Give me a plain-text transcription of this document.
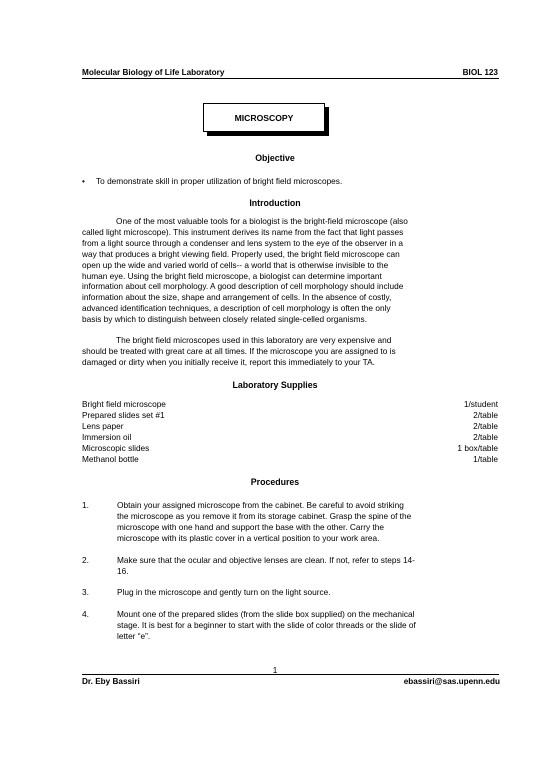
Molecular Biology of Life Laboratory	BIOL 123
MICROSCOPY
Objective
• To demonstrate skill in proper utilization of bright field microscopes.
Introduction
One of the most valuable tools for a biologist is the bright-field microscope (also
called light microscope). This instrument derives its name from the fact that light passes
from a light source through a condenser and lens system to the eye of the observer in a
way that produces a bright viewing field. Properly used, the bright field microscope can
open up the wide and varied world of cells-- a world that is otherwise invisible to the
human eye. Using the bright field microscope, a biologist can determine important
information about cell morphology. A good description of cell morphology should include
information about the size, shape and arrangement of cells. In the absence of costly,
advanced identification techniques, a description of cell morphology is often the only
basis by which to distinguish between closely related single-celled organisms.
The bright field microscopes used in this laboratory are very expensive and
should be treated with great care at all times. If the microscope you are assigned to is
damaged or dirty when you initially receive it, report this immediately to your TA.
Laboratory Supplies
Bright field microscope	1/student
Prepared slides set #1	2/table
Lens paper	2/table
Immersion oil	2/table
Microscopic slides	1 box/table
Methanol bottle	1/table
Procedures
1.	Obtain your assigned microscope from the cabinet. Be careful to avoid striking
the microscope as you remove it from its storage cabinet. Grasp the spine of the
microscope with one hand and support the base with the other. Carry the
microscope with its plastic cover in a vertical position to your work area.
2.	Make sure that the ocular and objective lenses are clean. If not, refer to steps 14-
16.
3.	Plug in the microscope and gently turn on the light source.
4.	Mount one of the prepared slides (from the slide box supplied) on the mechanical
stage. It is best for a beginner to start with the slide of color threads or the slide of
letter “e”.
1
Dr. Eby Bassiri	ebassiri@sas.upenn.edu
